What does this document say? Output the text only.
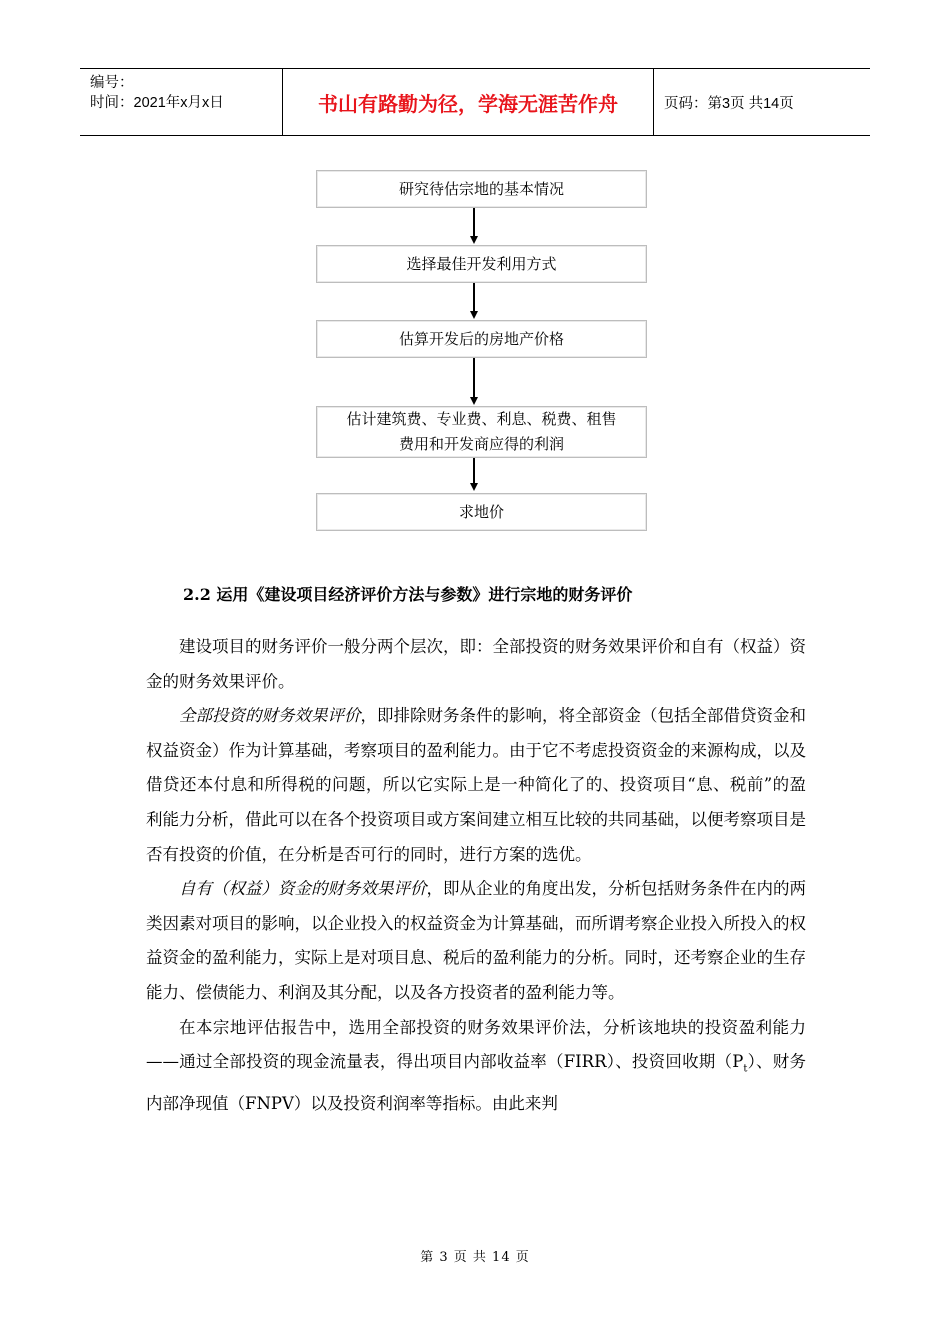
编号：
时间：2021年x月x日	书山有路勤为径，学海无涯苦作舟	页码：第3页 共14页
研究待估宗地的基本情况
选择最佳开发利用方式
估算开发后的房地产价格
估计建筑费、专业费、利息、税费、租售
费用和开发商应得的利润
求地价
2.2 运用《建设项目经济评价方法与参数》进行宗地的财务评价

建设项目的财务评价一般分两个层次，即：全部投资的财务效果评价和自有（权益）资金的财务效果评价。

全部投资的财务效果评价，即排除财务条件的影响，将全部资金（包括全部借贷资金和权益资金）作为计算基础，考察项目的盈利能力。由于它不考虑投资资金的来源构成，以及借贷还本付息和所得税的问题，所以它实际上是一种简化了的、投资项目“息、税前”的盈利能力分析，借此可以在各个投资项目或方案间建立相互比较的共同基础，以便考察项目是否有投资的价值，在分析是否可行的同时，进行方案的选优。

自有（权益）资金的财务效果评价，即从企业的角度出发，分析包括财务条件在内的两类因素对项目的影响，以企业投入的权益资金为计算基础，而所谓考察企业投入所投入的权益资金的盈利能力，实际上是对项目息、税后的盈利能力的分析。同时，还考察企业的生存能力、偿债能力、利润及其分配，以及各方投资者的盈利能力等。

在本宗地评估报告中，选用全部投资的财务效果评价法，分析该地块的投资盈利能力——通过全部投资的现金流量表，得出项目内部收益率（FIRR）、投资回收期$(P_t)$、财务内部净现值（FNPV）以及投资利润率等指标。由此来判

第 3 页 共 14 页
